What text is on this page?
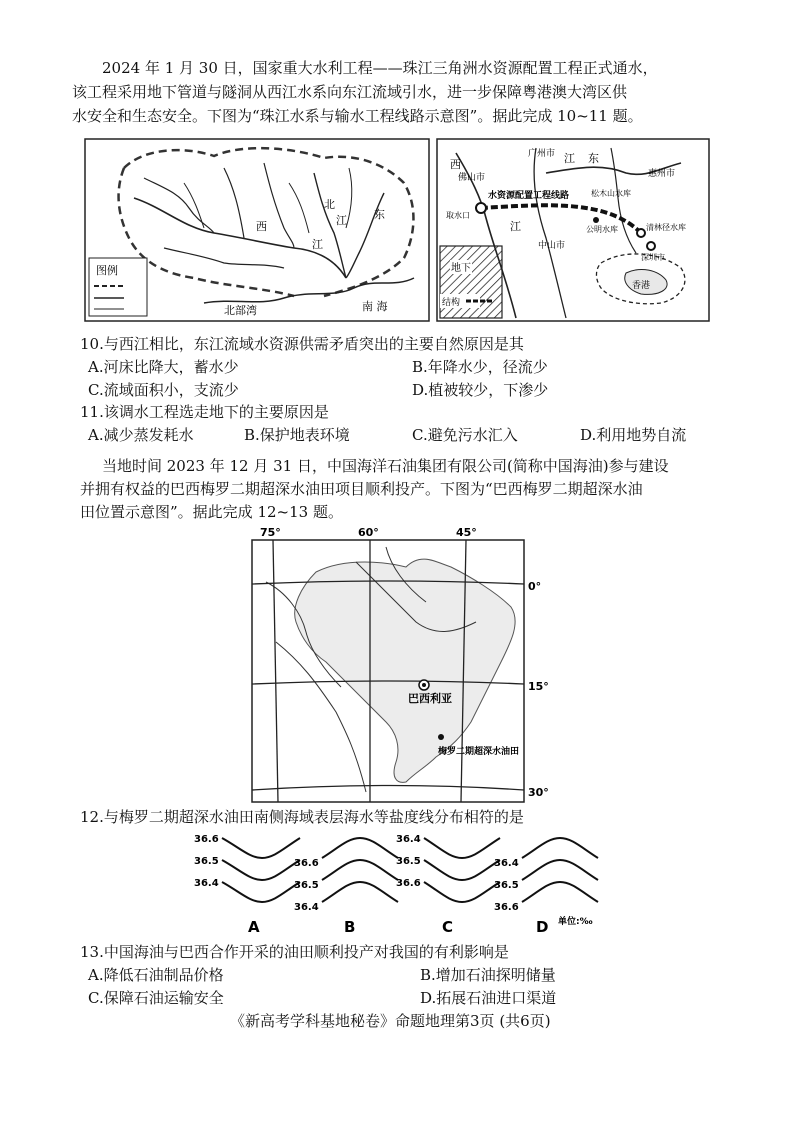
2024 年 1 月 30 日，国家重大水利工程——珠江三角洲水资源配置工程正式通水，
该工程采用地下管道与隧洞从西江水系向东江流域引水，进一步保障粤港澳大湾区供
水安全和生态安全。下图为“珠江水系与输水工程线路示意图”。据此完成 10~11 题。
图例
北部湾	南 海
西
江
北
江 东
地下
结构
广州市
西
佛山市
江 东
惠州市
水资源配置工程线路
取水口
松木山水库
清林径水库
公明水库
深圳市
江
中山市
香港
10.与西江相比，东江流域水资源供需矛盾突出的主要自然原因是其
A.河床比降大，蓄水少	B.年降水少，径流少
C.流域面积小，支流少	D.植被较少，下渗少
11.该调水工程选走地下的主要原因是
A.减少蒸发耗水	B.保护地表环境	C.避免污水汇入	D.利用地势自流
当地时间 2023 年 12 月 31 日，中国海洋石油集团有限公司(简称中国海油)参与建设
并拥有权益的巴西梅罗二期超深水油田项目顺利投产。下图为“巴西梅罗二期超深水油
田位置示意图”。据此完成 12~13 题。
75°	60°	45°
0°
15°
30°
巴西利亚
梅罗二期超深水油田
12.与梅罗二期超深水油田南侧海域表层海水等盐度线分布相符的是
36.6
36.5
36.4
A
36.6
36.5
36.4
B
36.4
36.5
36.6
C
36.4
36.5
36.6
D 单位:‰
13.中国海油与巴西合作开采的油田顺利投产对我国的有利影响是
A.降低石油制品价格	B.增加石油探明储量
C.保障石油运输安全	D.拓展石油进口渠道
《新高考学科基地秘卷》命题地理第3页 (共6页)
